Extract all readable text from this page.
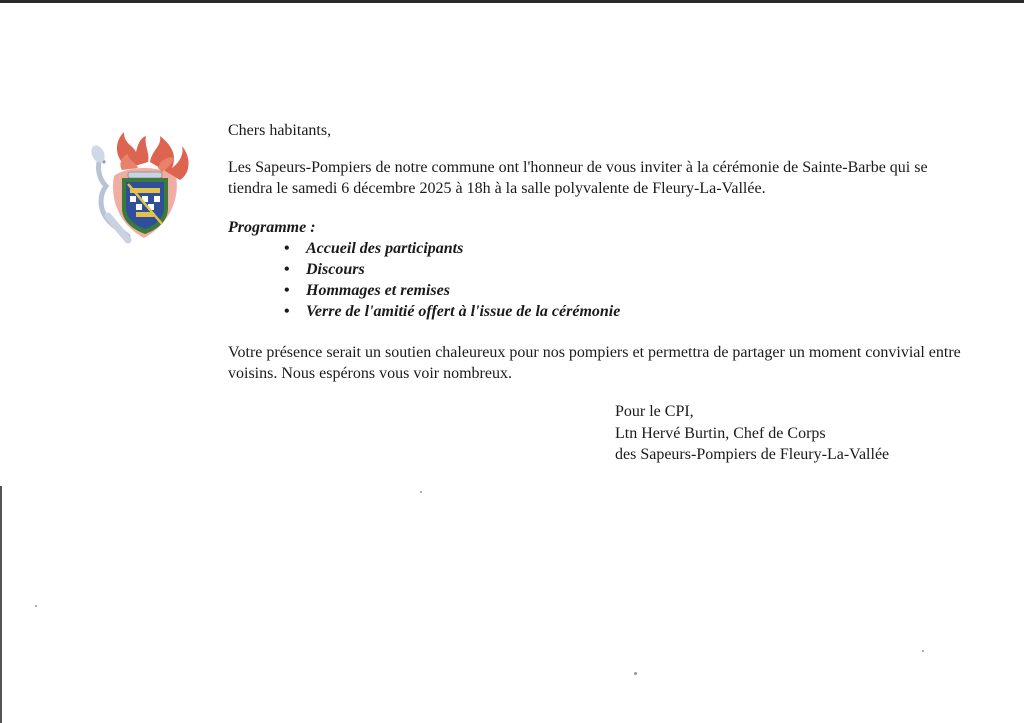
Chers habitants,

Les Sapeurs-Pompiers de notre commune ont l'honneur de vous inviter à la cérémonie de Sainte-Barbe qui se tiendra le samedi 6 décembre 2025 à 18h à la salle polyvalente de Fleury-La-Vallée.

Programme :

• Accueil des participants
• Discours
• Hommages et remises
• Verre de l'amitié offert à l'issue de la cérémonie

Votre présence serait un soutien chaleureux pour nos pompiers et permettra de partager un moment convivial entre voisins. Nous espérons vous voir nombreux.

Pour le CPI,
Ltn Hervé Burtin, Chef de Corps
des Sapeurs-Pompiers de Fleury-La-Vallée
